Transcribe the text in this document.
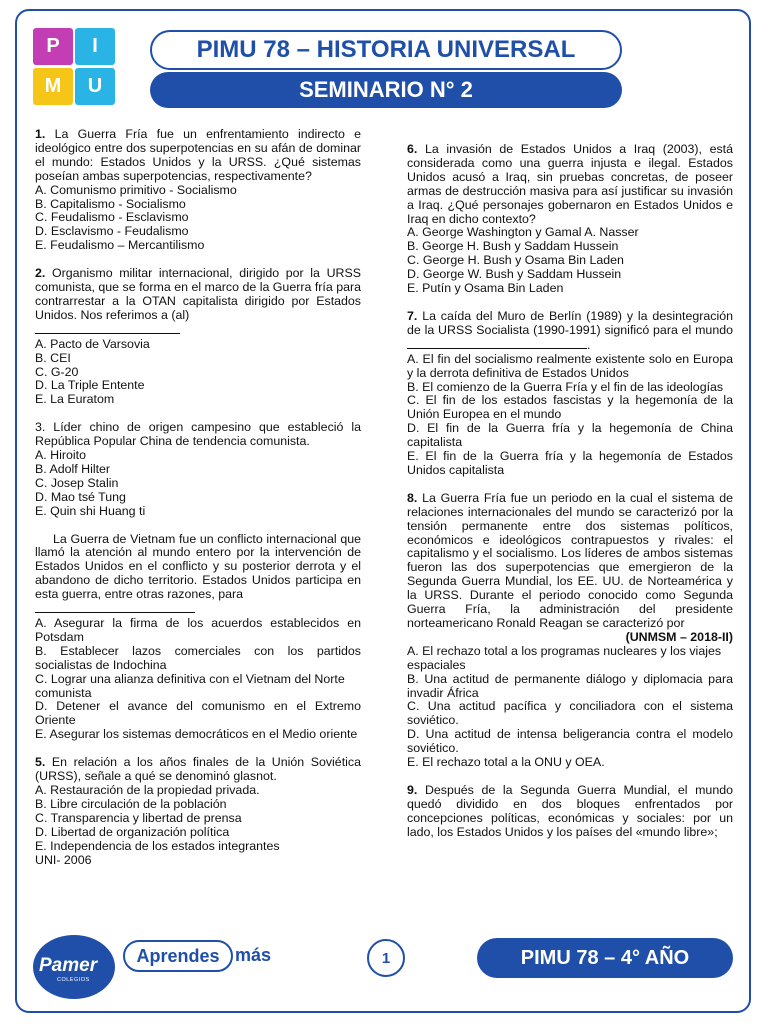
P	I
M	U
PIMU 78 – HISTORIA UNIVERSAL
SEMINARIO N° 2

1. La Guerra Fría fue un enfrentamiento indirecto e ideológico entre dos superpotencias en su afán de dominar el mundo: Estados Unidos y la URSS. ¿Qué sistemas poseían ambas superpotencias, respectivamente?
A. Comunismo primitivo - Socialismo
B. Capitalismo - Socialismo
C. Feudalismo - Esclavismo
D. Esclavismo - Feudalismo
E. Feudalismo – Mercantilismo

2. Organismo militar internacional, dirigido por la URSS comunista, que se forma en el marco de la Guerra fría para contrarrestar a la OTAN capitalista dirigido por Estados Unidos. Nos referimos a (al)
A. Pacto de Varsovia
B. CEI
C. G-20
D. La Triple Entente
E. La Euratom

3. Líder chino de origen campesino que estableció la República Popular China de tendencia comunista.
A. Hiroito
B. Adolf Hilter
C. Josep Stalin
D. Mao tsé Tung
E. Quin shi Huang ti

La Guerra de Vietnam fue un conflicto internacional que llamó la atención al mundo entero por la intervención de Estados Unidos en el conflicto y su posterior derrota y el abandono de dicho territorio. Estados Unidos participa en esta guerra, entre otras razones, para
A. Asegurar la firma de los acuerdos establecidos en Potsdam
B. Establecer lazos comerciales con los partidos socialistas de Indochina
C. Lograr una alianza definitiva con el Vietnam del Norte comunista
D. Detener el avance del comunismo en el Extremo Oriente
E. Asegurar los sistemas democráticos en el Medio oriente

5. En relación a los años finales de la Unión Soviética (URSS), señale a qué se denominó glasnot.
A. Restauración de la propiedad privada.
B. Libre circulación de la población
C. Transparencia y libertad de prensa
D. Libertad de organización política
E. Independencia de los estados integrantes
UNI- 2006

6. La invasión de Estados Unidos a Iraq (2003), está considerada como una guerra injusta e ilegal. Estados Unidos acusó a Iraq, sin pruebas concretas, de poseer armas de destrucción masiva para así justificar su invasión a Iraq. ¿Qué personajes gobernaron en Estados Unidos e Iraq en dicho contexto?
A. George Washington y Gamal A. Nasser
B. George H. Bush y Saddam Hussein
C. George H. Bush y Osama Bin Laden
D. George W. Bush y Saddam Hussein
E. Putín y Osama Bin Laden

7. La caída del Muro de Berlín (1989) y la desintegración de la URSS Socialista (1990-1991) significó para el mundo .
A. El fin del socialismo realmente existente solo en Europa y la derrota definitiva de Estados Unidos
B. El comienzo de la Guerra Fría y el fin de las ideologías
C. El fin de los estados fascistas y la hegemonía de la Unión Europea en el mundo
D. El fin de la Guerra fría y la hegemonía de China capitalista
E. El fin de la Guerra fría y la hegemonía de Estados Unidos capitalista

8. La Guerra Fría fue un periodo en la cual el sistema de relaciones internacionales del mundo se caracterizó por la tensión permanente entre dos sistemas políticos, económicos e ideológicos contrapuestos y rivales: el capitalismo y el socialismo. Los líderes de ambos sistemas fueron las dos superpotencias que emergieron de la Segunda Guerra Mundial, los EE. UU. de Norteamérica y la URSS. Durante el periodo conocido como Segunda Guerra Fría, la administración del presidente norteamericano Ronald Reagan se caracterizó por
(UNMSM – 2018-II)
A. El rechazo total a los programas nucleares y los viajes espaciales
B. Una actitud de permanente diálogo y diplomacia para invadir África
C. Una actitud pacífica y conciliadora con el sistema soviético.
D. Una actitud de intensa beligerancia contra el modelo soviético.
E. El rechazo total a la ONU y OEA.

9. Después de la Segunda Guerra Mundial, el mundo quedó dividido en dos bloques enfrentados por concepciones políticas, económicas y sociales: por un lado, los Estados Unidos y los países del «mundo libre»;

Pamer
COLEGIOS
Aprendes más	1	PIMU 78 – 4° AÑO
